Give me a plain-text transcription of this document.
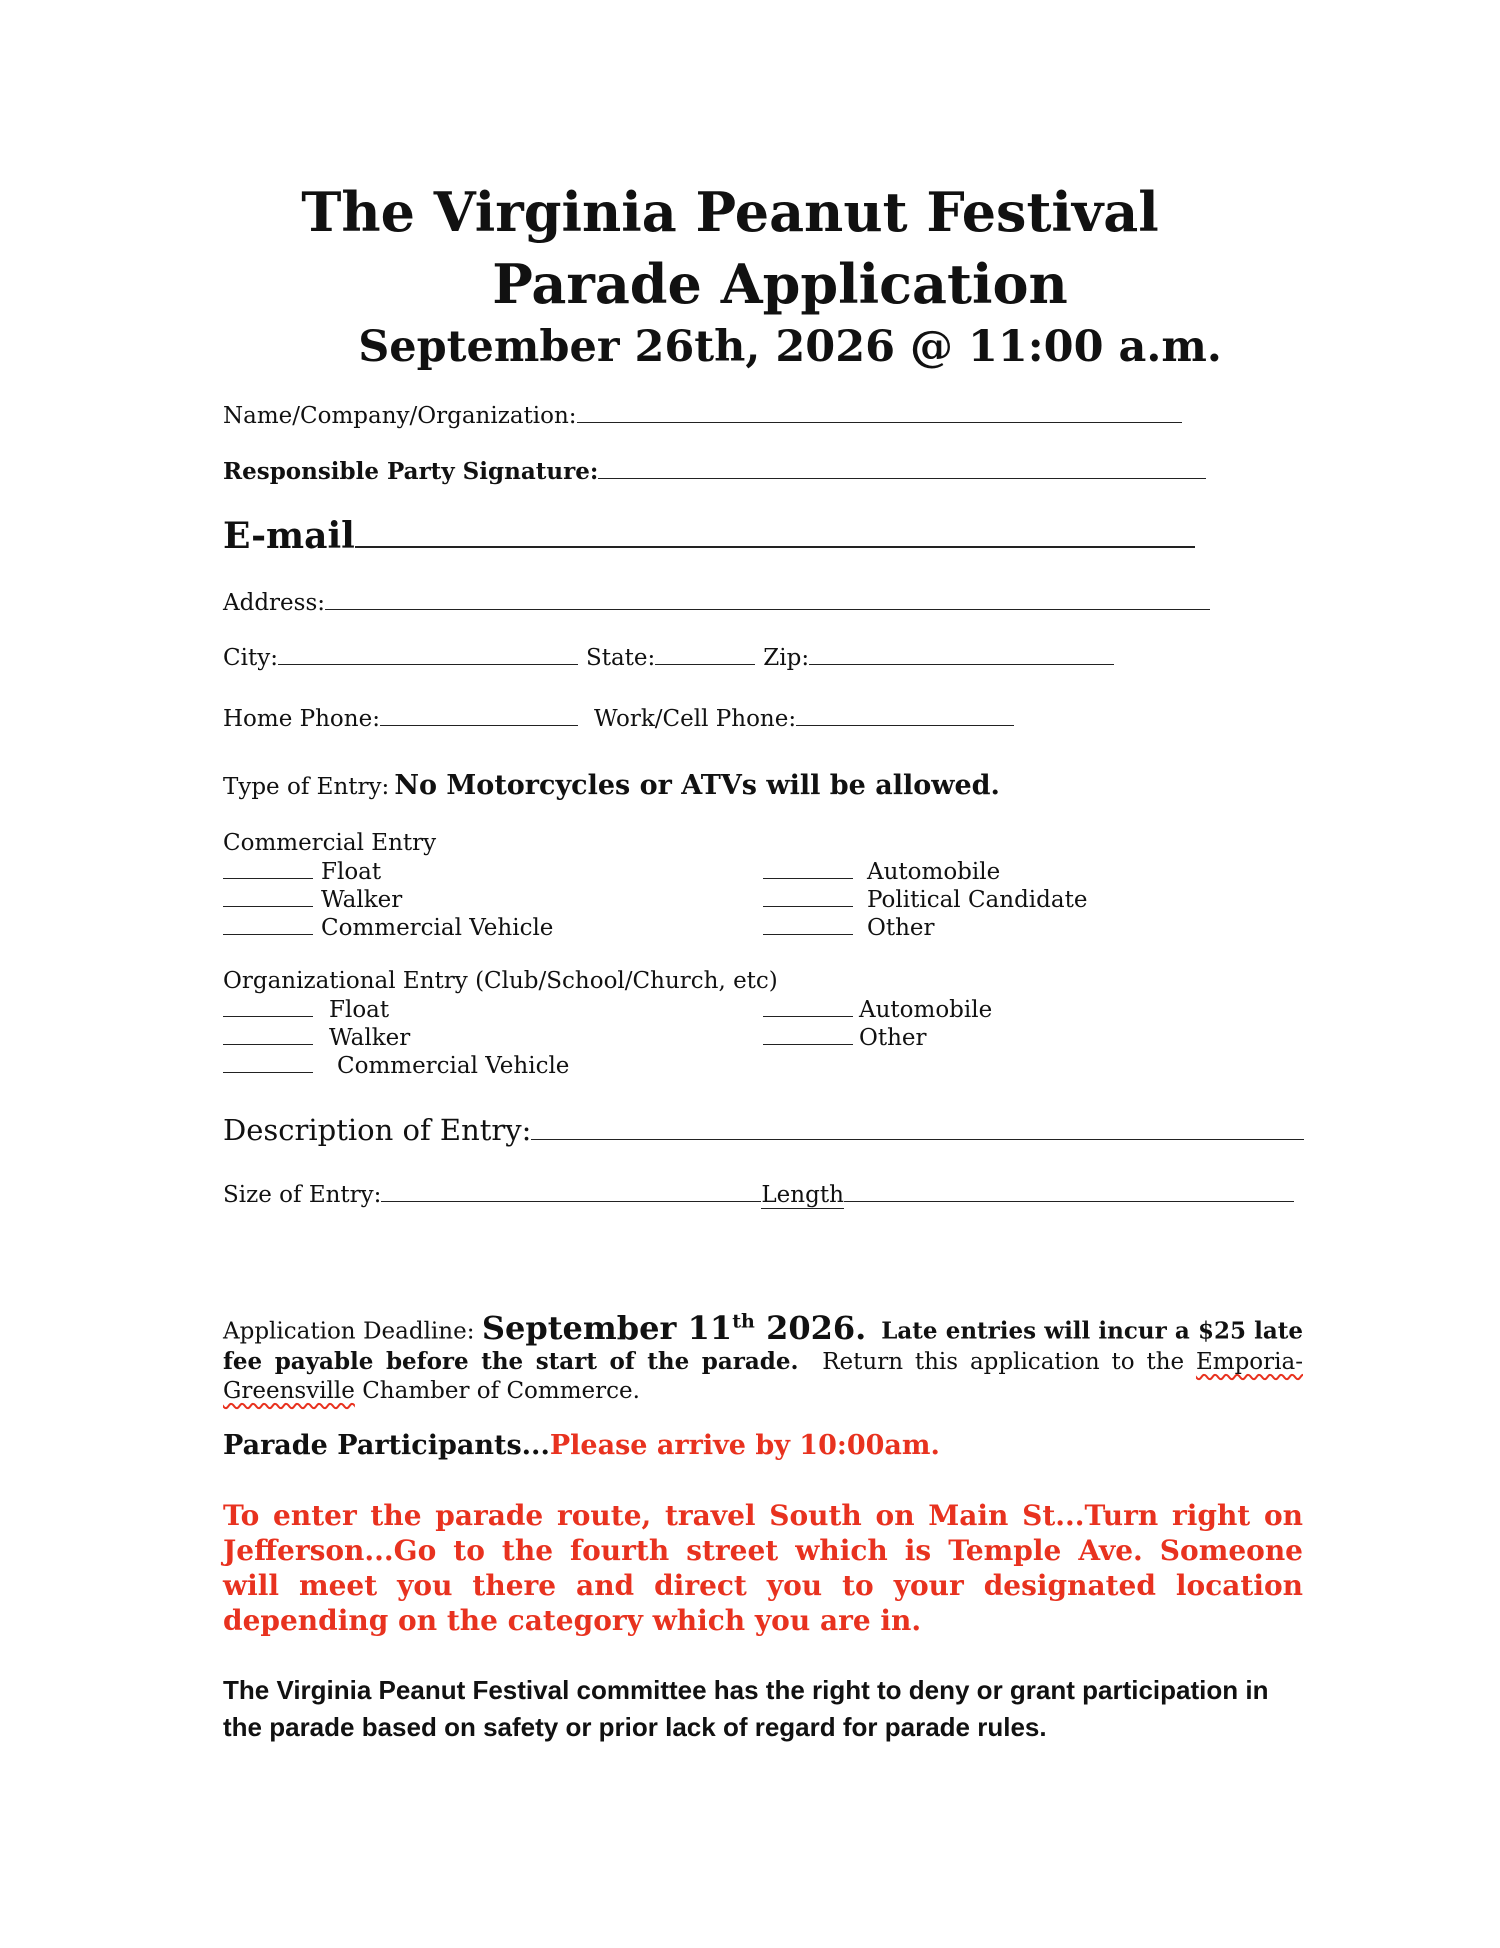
The Virginia Peanut Festival
Parade Application
September 26th, 2026 @ 11:00 a.m.
Name/Company/Organization:
Responsible Party Signature:
E-mail
Address:
City:	State:	Zip:
Home Phone:	Work/Cell Phone:
Type of Entry: No Motorcycles or ATVs will be allowed.
Commercial Entry
Float
Walker
Commercial Vehicle
Automobile
Political Candidate
Other
Organizational Entry (Club/School/Church, etc)
Float
Walker
Commercial Vehicle
Automobile
Other
Description of Entry:
Size of Entry:	Length
Application Deadline: September 11th 2026. Late entries will incur a $25 late fee payable before the start of the parade. Return this application to the Emporia-Greensville Chamber of Commerce.
Parade Participants...Please arrive by 10:00am.
To enter the parade route, travel South on Main St...Turn right on Jefferson...Go to the fourth street which is Temple Ave. Someone will meet you there and direct you to your designated location depending on the category which you are in.
The Virginia Peanut Festival committee has the right to deny or grant participation in the parade based on safety or prior lack of regard for parade rules.
